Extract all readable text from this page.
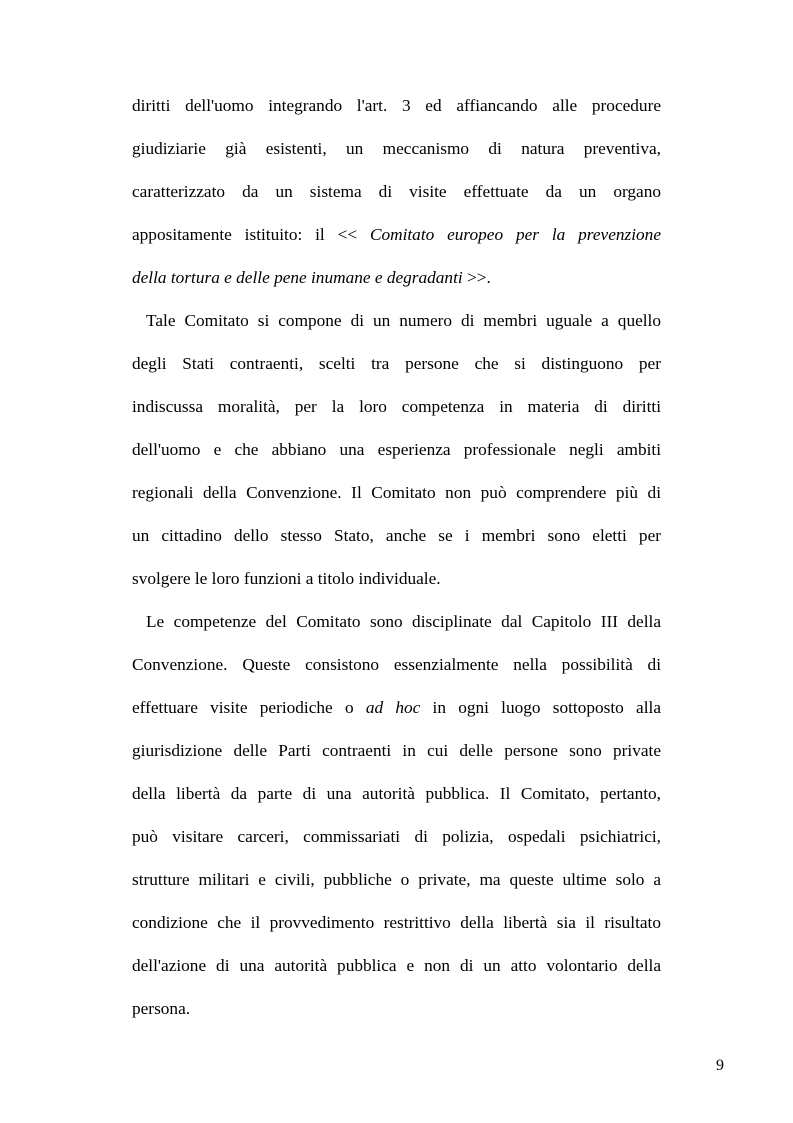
diritti dell'uomo integrando l'art. 3 ed affiancando alle procedure
giudiziarie già esistenti, un meccanismo di natura preventiva,
caratterizzato da un sistema di visite effettuate da un organo
appositamente istituito: il << Comitato europeo per la prevenzione
della tortura e delle pene inumane e degradanti >>.
Tale Comitato si compone di un numero di membri uguale a quello
degli Stati contraenti, scelti tra persone che si distinguono per
indiscussa moralità, per la loro competenza in materia di diritti
dell'uomo e che abbiano una esperienza professionale negli ambiti
regionali della Convenzione. Il Comitato non può comprendere più di
un cittadino dello stesso Stato, anche se i membri sono eletti per
svolgere le loro funzioni a titolo individuale.
Le competenze del Comitato sono disciplinate dal Capitolo III della
Convenzione. Queste consistono essenzialmente nella possibilità di
effettuare visite periodiche o ad hoc in ogni luogo sottoposto alla
giurisdizione delle Parti contraenti in cui delle persone sono private
della libertà da parte di una autorità pubblica. Il Comitato, pertanto,
può visitare carceri, commissariati di polizia, ospedali psichiatrici,
strutture militari e civili, pubbliche o private, ma queste ultime solo a
condizione che il provvedimento restrittivo della libertà sia il risultato
dell'azione di una autorità pubblica e non di un atto volontario della
persona.
9
